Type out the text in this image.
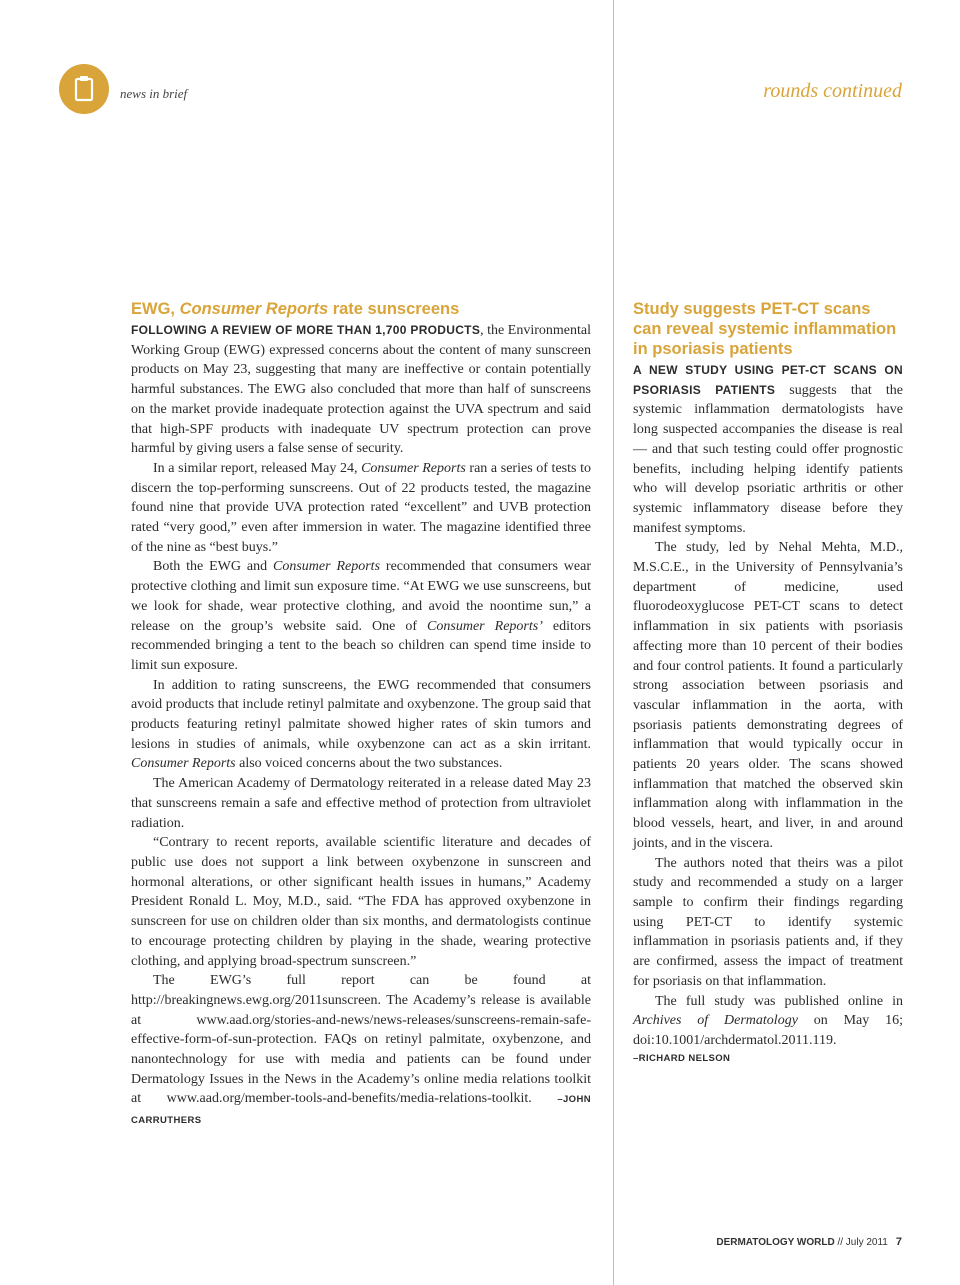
news in brief	rounds continued
EWG, Consumer Reports rate sunscreens

FOLLOWING A REVIEW OF MORE THAN 1,700 PRODUCTS, the Environmental Working Group (EWG) expressed concerns about the content of many sunscreen products on May 23, suggesting that many are ineffective or contain potentially harmful substances. The EWG also concluded that more than half of sunscreens on the market provide inadequate protection against the UVA spectrum and said that high-SPF products with inadequate UV spectrum protection can prove harmful by giving users a false sense of security.

In a similar report, released May 24, Consumer Reports ran a series of tests to discern the top-performing sunscreens. Out of 22 products tested, the magazine found nine that provide UVA protection rated “excellent” and UVB protection rated “very good,” even after immersion in water. The magazine identified three of the nine as “best buys.”

Both the EWG and Consumer Reports recommended that consumers wear protective clothing and limit sun exposure time. “At EWG we use sunscreens, but we look for shade, wear protective clothing, and avoid the noontime sun,” a release on the group’s website said. One of Consumer Reports’ editors recommended bringing a tent to the beach so children can spend time inside to limit sun exposure.

In addition to rating sunscreens, the EWG recommended that consumers avoid products that include retinyl palmitate and oxybenzone. The group said that products featuring retinyl palmitate showed higher rates of skin tumors and lesions in studies of animals, while oxybenzone can act as a skin irritant. Consumer Reports also voiced concerns about the two substances.

The American Academy of Dermatology reiterated in a release dated May 23 that sunscreens remain a safe and effective method of protection from ultraviolet radiation.

“Contrary to recent reports, available scientific literature and decades of public use does not support a link between oxybenzone in sunscreen and hormonal alterations, or other significant health issues in humans,” Academy President Ronald L. Moy, M.D., said. “The FDA has approved oxybenzone in sunscreen for use on children older than six months, and dermatologists continue to encourage protecting children by playing in the shade, wearing protective clothing, and applying broad-spectrum sunscreen.”

The EWG’s full report can be found at http://breakingnews.ewg.org/2011sunscreen. The Academy’s release is available at www.aad.org/stories-and-news/news-releases/sunscreens-remain-safe-effective-form-of-sun-protection. FAQs on retinyl palmitate, oxybenzone, and nanontechnology for use with media and patients can be found under Dermatology Issues in the News in the Academy’s online media relations toolkit at www.aad.org/member-tools-and-benefits/media-relations-toolkit. –JOHN CARRUTHERS

Study suggests PET-CT scans can reveal systemic inflammation in psoriasis patients

A NEW STUDY USING PET-CT SCANS ON PSORIASIS PATIENTS suggests that the systemic inflammation dermatologists have long suspected accompanies the disease is real — and that such testing could offer prognostic benefits, including helping identify patients who will develop psoriatic arthritis or other systemic inflammatory disease before they manifest symptoms.

The study, led by Nehal Mehta, M.D., M.S.C.E., in the University of Pennsylvania’s department of medicine, used fluorodeoxyglucose PET-CT scans to detect inflammation in six patients with psoriasis affecting more than 10 percent of their bodies and four control patients. It found a particularly strong association between psoriasis and vascular inflammation in the aorta, with psoriasis patients demonstrating degrees of inflammation that would typically occur in patients 20 years older. The scans showed inflammation that matched the observed skin inflammation along with inflammation in the blood vessels, heart, and liver, in and around joints, and in the viscera.

The authors noted that theirs was a pilot study and recommended a study on a larger sample to confirm their findings regarding using PET-CT to identify systemic inflammation in psoriasis patients and, if they are confirmed, assess the impact of treatment for psoriasis on that inflammation.

The full study was published online in Archives of Dermatology on May 16; doi:10.1001/archdermatol.2011.119.

–RICHARD NELSON
DERMATOLOGY WORLD // July 2011 7
